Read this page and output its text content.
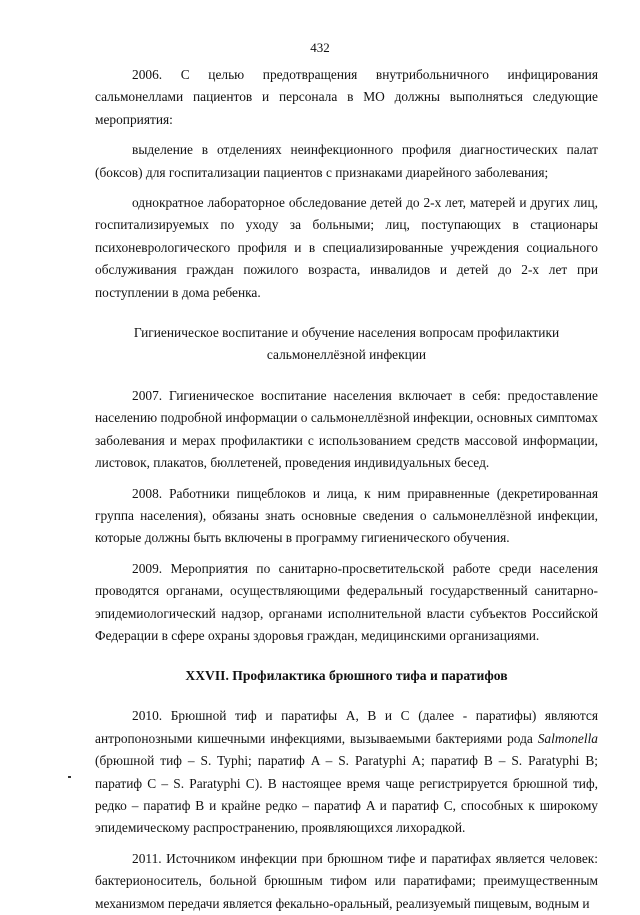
432

2006. С целью предотвращения внутрибольничного инфицирования сальмонеллами пациентов и персонала в МО должны выполняться следующие мероприятия:

выделение в отделениях неинфекционного профиля диагностических палат (боксов) для госпитализации пациентов с признаками диарейного заболевания;

однократное лабораторное обследование детей до 2-х лет, матерей и других лиц, госпитализируемых по уходу за больными; лиц, поступающих в стационары психоневрологического профиля и в специализированные учреждения социального обслуживания граждан пожилого возраста, инвалидов и детей до 2-х лет при поступлении в дома ребенка.

Гигиеническое воспитание и обучение населения вопросам профилактики

сальмонеллёзной инфекции

2007. Гигиеническое воспитание населения включает в себя: предоставление населению подробной информации о сальмонеллёзной инфекции, основных симптомах заболевания и мерах профилактики с использованием средств массовой информации, листовок, плакатов, бюллетеней, проведения индивидуальных бесед.

2008. Работники пищеблоков и лица, к ним приравненные (декретированная группа населения), обязаны знать основные сведения о сальмонеллёзной инфекции, которые должны быть включены в программу гигиенического обучения.

2009. Мероприятия по санитарно-просветительской работе среди населения проводятся органами, осуществляющими федеральный государственный санитарно-эпидемиологический надзор, органами исполнительной власти субъектов Российской Федерации в сфере охраны здоровья граждан, медицинскими организациями.

XXVII. Профилактика брюшного тифа и паратифов

2010. Брюшной тиф и паратифы A, B и C (далее - паратифы) являются антропонозными кишечными инфекциями, вызываемыми бактериями рода Salmonella (брюшной тиф – S. Typhi; паратиф A – S. Paratyphi A; паратиф B – S. Paratyphi B; паратиф C – S. Paratyphi C). В настоящее время чаще регистрируется брюшной тиф, редко – паратиф B и крайне редко – паратиф A и паратиф C, способных к широкому эпидемическому распространению, проявляющихся лихорадкой.

2011. Источником инфекции при брюшном тифе и паратифах является человек: бактерионоситель, больной брюшным тифом или паратифами; преимущественным механизмом передачи является фекально-оральный, реализуемый пищевым, водным и
